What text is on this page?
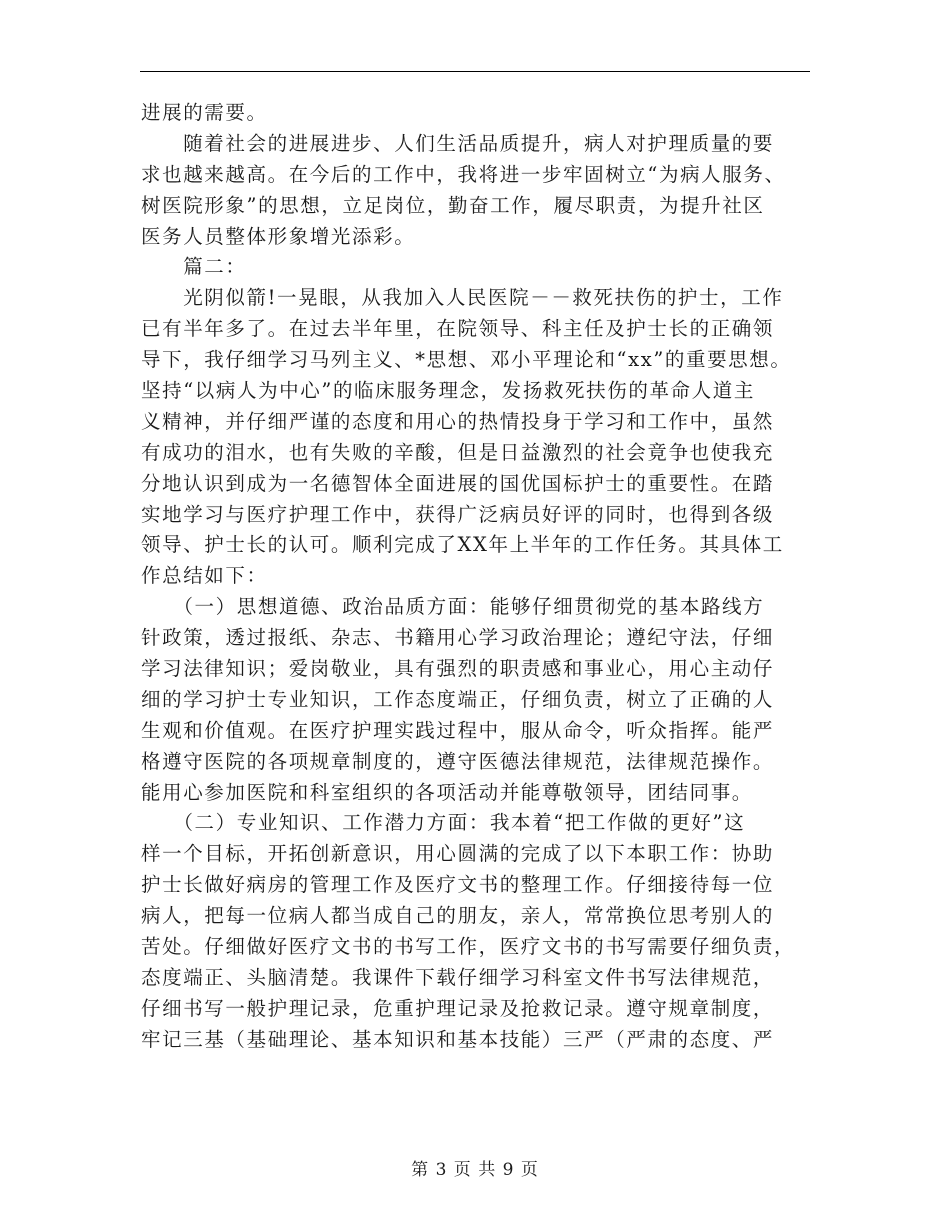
进展的需要。
　　随着社会的进展进步、人们生活品质提升，病人对护理质量的要
求也越来越高。在今后的工作中，我将进一步牢固树立“为病人服务、
树医院形象”的思想，立足岗位，勤奋工作，履尽职责，为提升社区
医务人员整体形象增光添彩。
　　篇二：
　　光阴似箭!一晃眼，从我加入人民医院－－救死扶伤的护士，工作
已有半年多了。在过去半年里，在院领导、科主任及护士长的正确领
导下，我仔细学习马列主义、*思想、邓小平理论和“xx”的重要思想。
坚持“以病人为中心”的临床服务理念，发扬救死扶伤的革命人道主
义精神，并仔细严谨的态度和用心的热情投身于学习和工作中，虽然
有成功的泪水，也有失败的辛酸，但是日益激烈的社会竟争也使我充
分地认识到成为一名德智体全面进展的国优国标护士的重要性。在踏
实地学习与医疗护理工作中，获得广泛病员好评的同时，也得到各级
领导、护士长的认可。顺利完成了XX年上半年的工作任务。其具体工
作总结如下：
　　（一）思想道德、政治品质方面：能够仔细贯彻党的基本路线方
针政策，透过报纸、杂志、书籍用心学习政治理论；遵纪守法，仔细
学习法律知识；爱岗敬业，具有强烈的职责感和事业心，用心主动仔
细的学习护士专业知识，工作态度端正，仔细负责，树立了正确的人
生观和价值观。在医疗护理实践过程中，服从命令，听众指挥。能严
格遵守医院的各项规章制度的，遵守医德法律规范，法律规范操作。
能用心参加医院和科室组织的各项活动并能尊敬领导，团结同事。
　　（二）专业知识、工作潜力方面：我本着“把工作做的更好”这
样一个目标，开拓创新意识，用心圆满的完成了以下本职工作：协助
护士长做好病房的管理工作及医疗文书的整理工作。仔细接待每一位
病人，把每一位病人都当成自己的朋友，亲人，常常换位思考别人的
苦处。仔细做好医疗文书的书写工作，医疗文书的书写需要仔细负责，
态度端正、头脑清楚。我课件下载仔细学习科室文件书写法律规范，
仔细书写一般护理记录，危重护理记录及抢救记录。遵守规章制度，
牢记三基（基础理论、基本知识和基本技能）三严（严肃的态度、严
第 3 页 共 9 页
